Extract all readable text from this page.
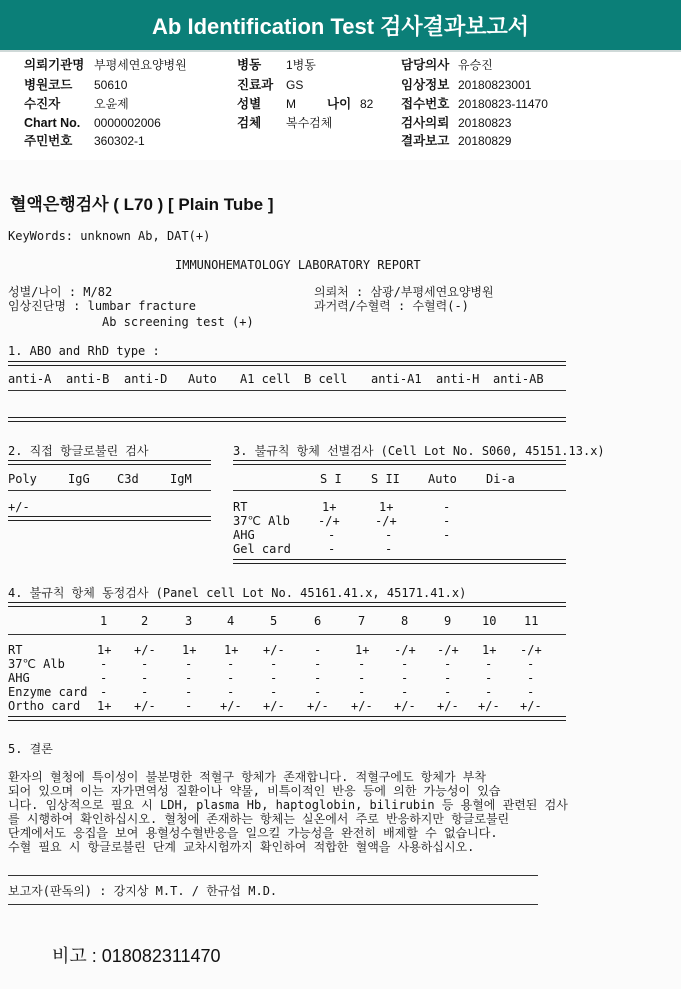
Ab Identification Test 검사결과보고서
의뢰기관명 부평세연요양병원
병원코드 50610
수진자	오윤제
Chart No. 0000002006
주민번호 360302-1
병동 1병동
진료과 GS
성별 M 나이 82
검체 복수검체
담당의사 유승진
임상정보 20180823001
접수번호 20180823-11470
검사의뢰 20180823
결과보고 20180829
혈액은행검사 ( L70 ) [ Plain Tube ]
KeyWords: unknown Ab, DAT(+)
IMMUNOHEMATOLOGY LABORATORY REPORT
성별/나이 : M/82
임상진단명 : lumbar fracture
Ab screening test (+)
의뢰처 : 삼광/부평세연요양병원
과거력/수혈력 : 수혈력(-)
1. ABO and RhD type :
anti-A anti-B anti-D Auto A1 cell B cell anti-A1 anti-H anti-AB
2. 직접 항글로불린 검사
Poly	IgG C3d	IgM
+/-
3. 불규칙 항체 선별검사 (Cell Lot No. S060, 45151.13.x)
S I S II Auto Di-a
RT	1+	1+	-
37℃ Alb -/+	-/+	-
AHG	-	-	-
Gel card	-	-
4. 불규칙 항체 동정검사 (Panel cell Lot No. 45161.41.x, 45171.41.x)
1	2	3	4	5	6	7	8	9	10 11
RT	1+ +/- 1+ 1+ +/- -	1+ -/+ -/+ 1+ -/+
37℃ Alb	-	-	-	-	-	-	-	-	-	-	-
AHG	-	-	-	-	-	-	-	-	-	-	-
Enzyme card -	-	-	-	-	-	-	-	-	-	-
Ortho card 1+ +/- - +/- +/- +/- +/- +/- +/- +/- +/-
5. 결론
환자의 혈청에 특이성이 불분명한 적혈구 항체가 존재합니다. 적혈구에도 항체가 부착
되어 있으며 이는 자가면역성 질환이나 약물, 비특이적인 반응 등에 의한 가능성이 있습
니다. 임상적으로 필요 시 LDH, plasma Hb, haptoglobin, bilirubin 등 용혈에 관련된 검사
를 시행하여 확인하십시오. 혈청에 존재하는 항체는 실온에서 주로 반응하지만 항글로불린
단계에서도 응집을 보여 용혈성수혈반응을 일으킬 가능성을 완전히 배제할 수 없습니다.
수혈 필요 시 항글로불린 단계 교차시험까지 확인하여 적합한 혈액을 사용하십시오.
보고자(판독의) : 강지상 M.T. / 한규섭 M.D.
비고 : 018082311470
